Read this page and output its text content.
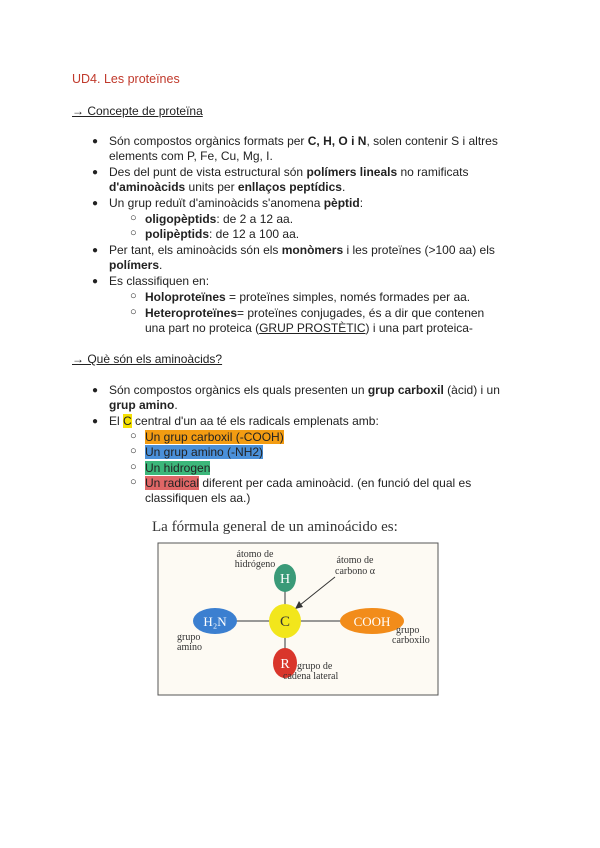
UD4. Les proteïnes
→ Concepte de proteïna
● Són compostos orgànics formats per C, H, O i N, solen contenir S i altres
elements com P, Fe, Cu, Mg, I.
● Des del punt de vista estructural són polímers lineals no ramificats
d'aminoàcids units per enllaços peptídics.
● Un grup reduït d'aminoàcids s'anomena pèptid:
○ oligopèptids: de 2 a 12 aa.
○ polipèptids: de 12 a 100 aa.
● Per tant, els aminoàcids són els monòmers i les proteïnes (>100 aa) els
polímers.
● Es classifiquen en:
○ Holoproteïnes = proteïnes simples, només formades per aa.
○ Heteroproteïnes= proteïnes conjugades, és a dir que contenen
una part no proteica (GRUP PROSTÈTIC) i una part proteica-
→ Què són els aminoàcids?
● Són compostos orgànics els quals presenten un grup carboxil (àcid) i un
grup amino.
● El C central d'un aa té els radicals emplenats amb:
○ Un grup carboxil (-COOH)
○ Un grup amino (-NH2)
○ Un hidrogen
○ Un radical diferent per cada aminoàcid. (en funció del qual es
classifiquen els aa.)
La fórmula general de un aminoácido es:
H
C
R
H₂N	COOH
átomo de
hidrógeno	átomo de
carbono α
grupo
amino
grupo
carboxilo
grupo de
cadena lateral
